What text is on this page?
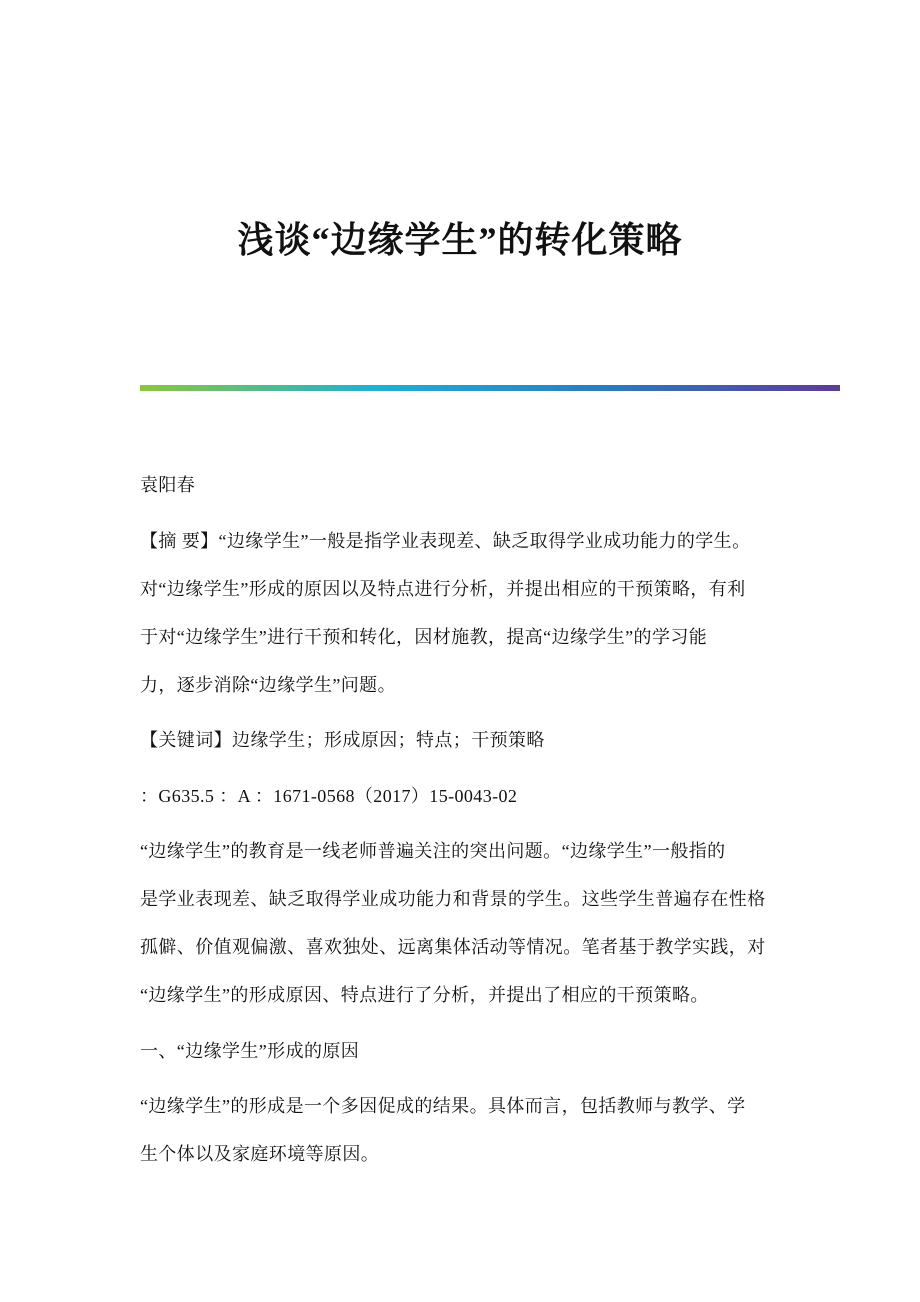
浅谈“边缘学生”的转化策略
袁阳春
【摘 要】“边缘学生”一般是指学业表现差、缺乏取得学业成功能力的学生。
对“边缘学生”形成的原因以及特点进行分析，并提出相应的干预策略，有利
于对“边缘学生”进行干预和转化，因材施教，提高“边缘学生”的学习能
力，逐步消除“边缘学生”问题。
【关键词】边缘学生；形成原因；特点；干预策略
：G635.5 ：A ：1671-0568（2017）15-0043-02
“边缘学生”的教育是一线老师普遍关注的突出问题。“边缘学生”一般指的
是学业表现差、缺乏取得学业成功能力和背景的学生。这些学生普遍存在性格
孤僻、价值观偏激、喜欢独处、远离集体活动等情况。笔者基于教学实践，对
“边缘学生”的形成原因、特点进行了分析，并提出了相应的干预策略。
一、“边缘学生”形成的原因
“边缘学生”的形成是一个多因促成的结果。具体而言，包括教师与教学、学
生个体以及家庭环境等原因。
